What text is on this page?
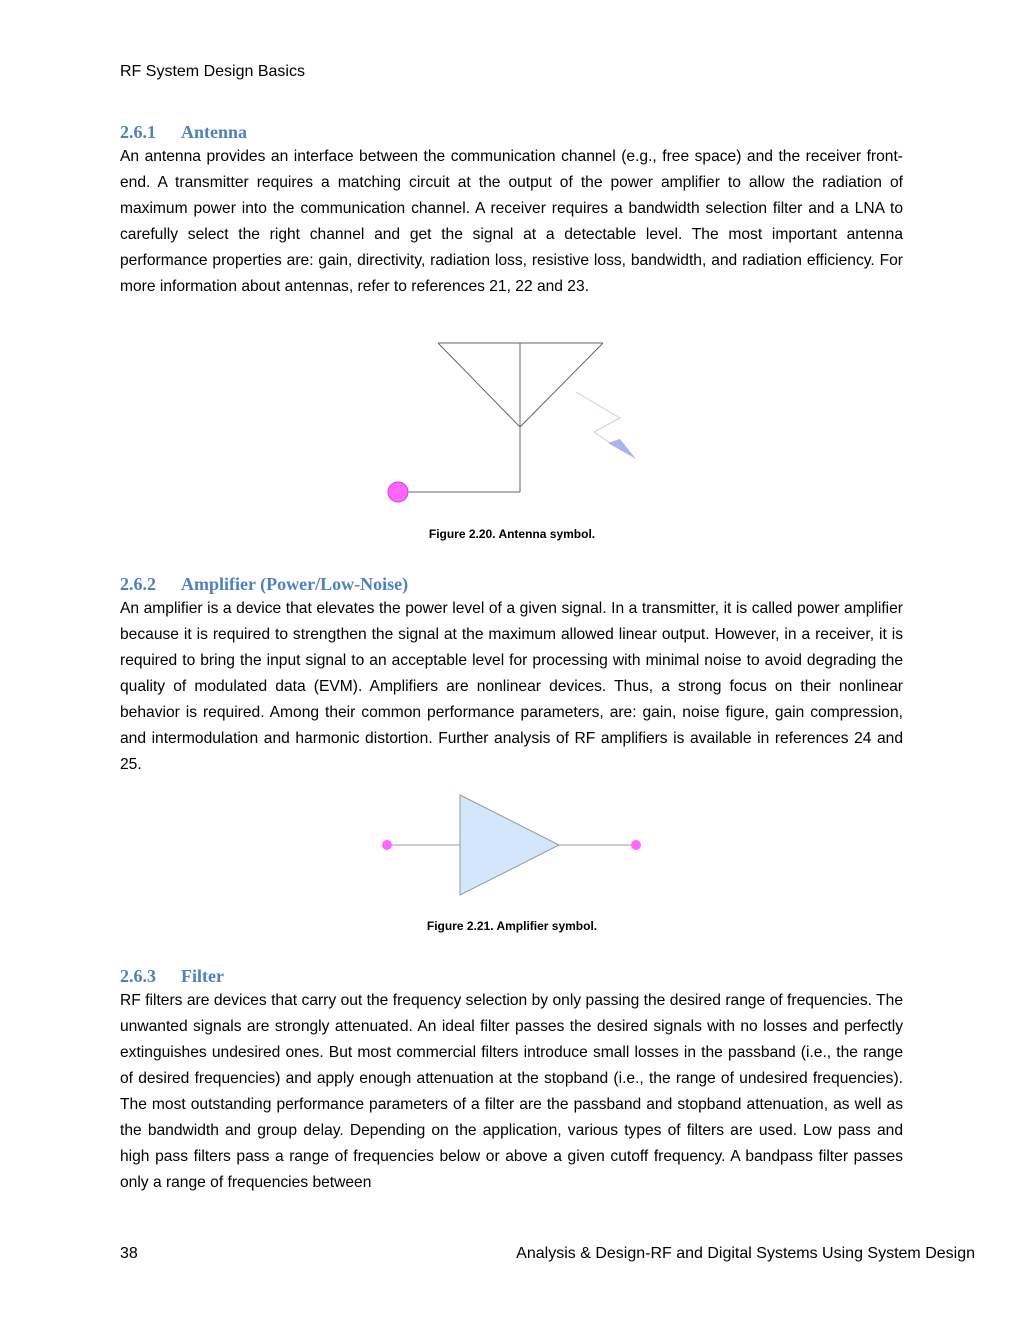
RF System Design Basics
2.6.1 Antenna

An antenna provides an interface between the communication channel (e.g., free space) and the receiver front-end. A transmitter requires a matching circuit at the output of the power amplifier to allow the radiation of maximum power into the communication channel. A receiver requires a bandwidth selection filter and a LNA to carefully select the right channel and get the signal at a detectable level. The most important antenna performance properties are: gain, directivity, radiation loss, resistive loss, bandwidth, and radiation efficiency. For more information about antennas, refer to references 21, 22 and 23.

Figure 2.20. Antenna symbol.
2.6.2 Amplifier (Power/Low-Noise)

An amplifier is a device that elevates the power level of a given signal. In a transmitter, it is called power amplifier because it is required to strengthen the signal at the maximum allowed linear output. However, in a receiver, it is required to bring the input signal to an acceptable level for processing with minimal noise to avoid degrading the quality of modulated data (EVM). Amplifiers are nonlinear devices. Thus, a strong focus on their nonlinear behavior is required. Among their common performance parameters, are: gain, noise figure, gain compression, and intermodulation and harmonic distortion. Further analysis of RF amplifiers is available in references 24 and 25.

Figure 2.21. Amplifier symbol.
2.6.3 Filter

RF filters are devices that carry out the frequency selection by only passing the desired range of frequencies. The unwanted signals are strongly attenuated. An ideal filter passes the desired signals with no losses and perfectly extinguishes undesired ones. But most commercial filters introduce small losses in the passband (i.e., the range of desired frequencies) and apply enough attenuation at the stopband (i.e., the range of undesired frequencies). The most outstanding performance parameters of a filter are the passband and stopband attenuation, as well as the bandwidth and group delay. Depending on the application, various types of filters are used. Low pass and high pass filters pass a range of frequencies below or above a given cutoff frequency. A bandpass filter passes only a range of frequencies between

38	Analysis & Design-RF and Digital Systems Using System Design
